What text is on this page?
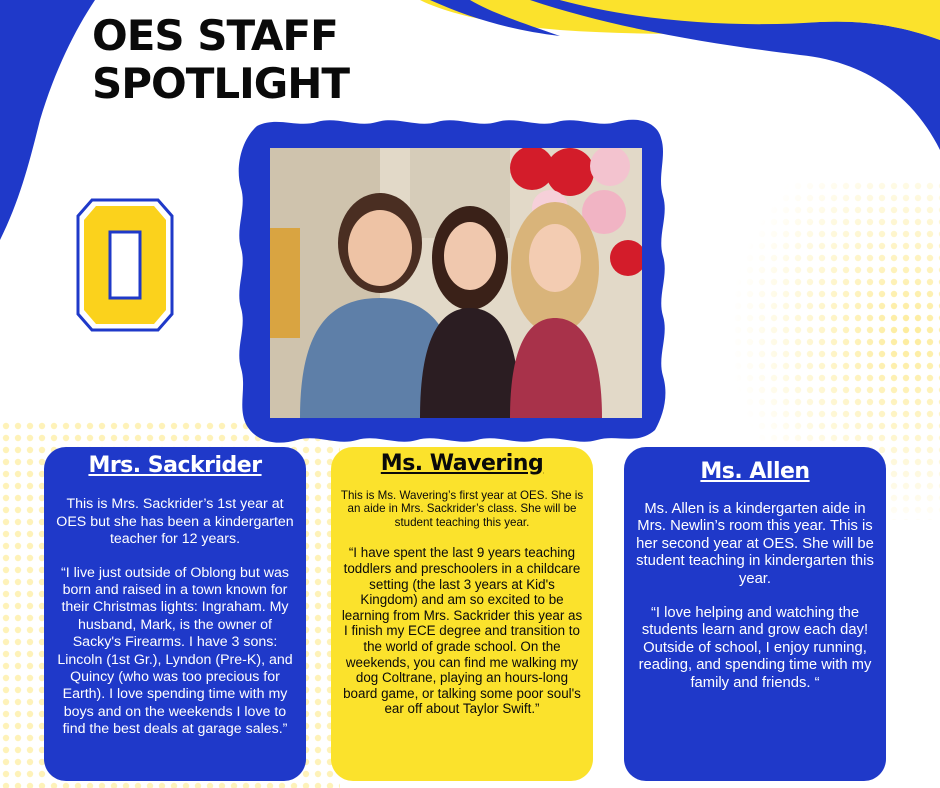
OES STAFF
SPOTLIGHT
Mrs. Sackrider

This is Mrs. Sackrider’s 1st year at OES but she has been a kindergarten teacher for 12 years.

“I live just outside of Oblong but was born and raised in a town known for their Christmas lights: Ingraham. My husband, Mark, is the owner of Sacky's Firearms. I have 3 sons: Lincoln (1st Gr.), Lyndon (Pre-K), and Quincy (who was too precious for Earth). I love spending time with my boys and on the weekends I love to find the best deals at garage sales.”

Ms. Wavering

This is Ms. Wavering’s first year at OES. She is an aide in Mrs. Sackrider’s class. She will be student teaching this year.

“I have spent the last 9 years teaching toddlers and preschoolers in a childcare setting (the last 3 years at Kid's Kingdom) and am so excited to be learning from Mrs. Sackrider this year as I finish my ECE degree and transition to the world of grade school. On the weekends, you can find me walking my dog Coltrane, playing an hours-long board game, or talking some poor soul's ear off about Taylor Swift.”

Ms. Allen

Ms. Allen is a kindergarten aide in Mrs. Newlin’s room this year. This is her second year at OES. She will be student teaching in kindergarten this year.

“I love helping and watching the students learn and grow each day! Outside of school, I enjoy running, reading, and spending time with my family and friends. “
